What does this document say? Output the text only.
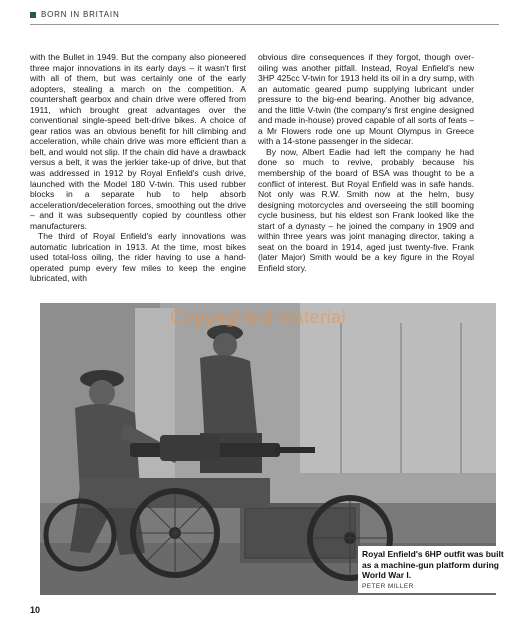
BORN IN BRITAIN

with the Bullet in 1949. But the company also pioneered three major innovations in its early days – it wasn't first with all of them, but was certainly one of the early adopters, stealing a march on the competition. A countershaft gearbox and chain drive were offered from 1911, which brought great advantages over the conventional single-speed belt-drive bikes. A choice of gear ratios was an obvious benefit for hill climbing and acceleration, while chain drive was more efficient than a belt, and would not slip. If the chain did have a drawback versus a belt, it was the jerkier take-up of drive, but that was addressed in 1912 by Royal Enfield's cush drive, launched with the Model 180 V-twin. This used rubber blocks in a separate hub to help absorb acceleration/deceleration forces, smoothing out the drive – and it was subsequently copied by countless other manufacturers.

The third of Royal Enfield's early innovations was automatic lubrication in 1913. At the time, most bikes used total-loss oiling, the rider having to use a hand-operated pump every few miles to keep the engine lubricated, with

obvious dire consequences if they forgot, though over-oiling was another pitfall. Instead, Royal Enfield's new 3HP 425cc V-twin for 1913 held its oil in a dry sump, with an automatic geared pump supplying lubricant under pressure to the big-end bearing. Another big advance, and the little V-twin (the company's first engine designed and made in-house) proved capable of all sorts of feats – a Mr Flowers rode one up Mount Olympus in Greece with a 14-stone passenger in the sidecar.

By now, Albert Eadie had left the company he had done so much to revive, probably because his membership of the board of BSA was thought to be a conflict of interest. But Royal Enfield was in safe hands. Not only was R.W. Smith now at the helm, busy designing motorcycles and overseeing the still booming cycle business, but his eldest son Frank looked like the start of a dynasty – he joined the company in 1909 and within three years was joint managing director, taking a seat on the board in 1914, aged just twenty-five. Frank (later Major) Smith would be a key figure in the Royal Enfield story.

Copyrighted material
Royal Enfield's 6HP outfit was built as a machine-gun platform during World War I.
PETER MILLER
10
